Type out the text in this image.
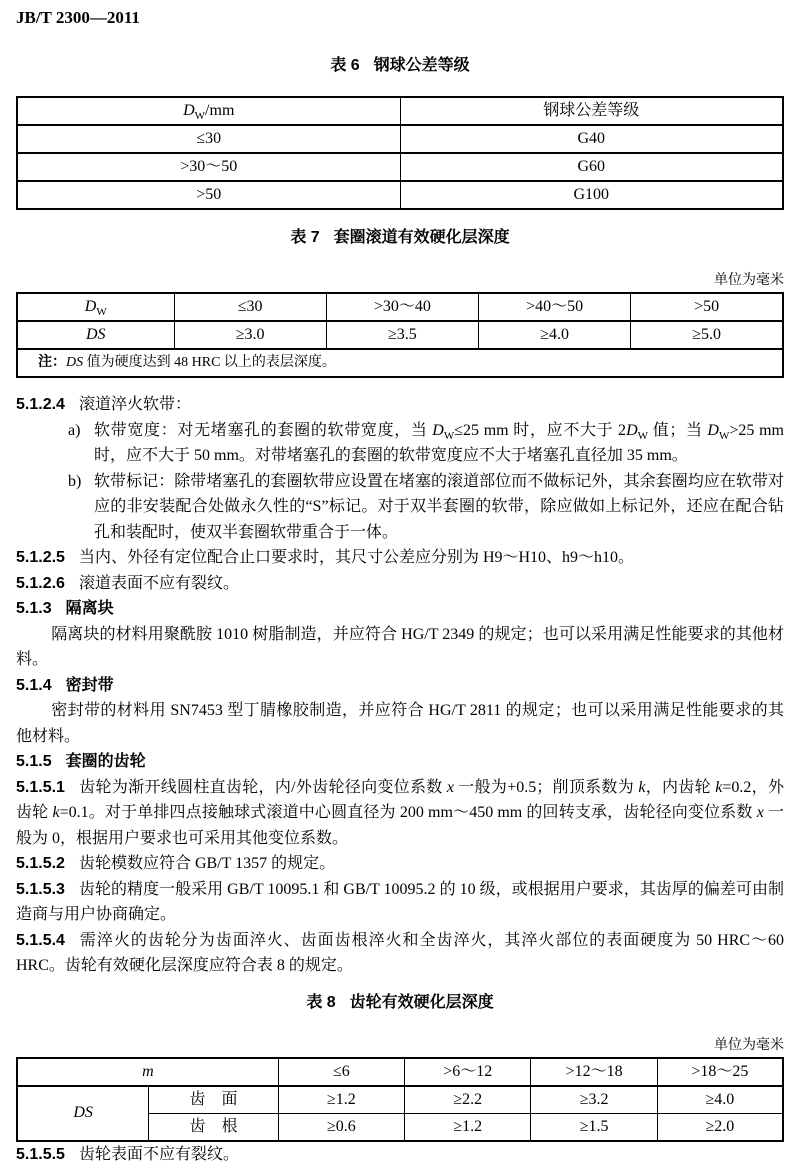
JB/T 2300—2011
表 6 钢球公差等级
$D_W/mm$	钢球公差等级
≤30	G40
>30～50	G60
>50	G100
表 7 套圈滚道有效硬化层深度
单位为毫米
$D_W$	≤30	>30～40	>40～50	>50
DS	≥3.0	≥3.5	≥4.0	≥5.0
注：DS 值为硬度达到 48 HRC 以上的表层深度。				

5.1.2.4 滚道淬火软带：

a) 软带宽度：对无堵塞孔的套圈的软带宽度，当 $D_W\le 25$ mm 时，应不大于 $2D_W$ 值；当 $D_W>25$ mm 时，应不大于 50 mm。对带堵塞孔的套圈的软带宽度应不大于堵塞孔直径加 35 mm。
b) 软带标记：除带堵塞孔的套圈软带应设置在堵塞的滚道部位而不做标记外，其余套圈均应在软带对应的非安装配合处做永久性的“S”标记。对于双半套圈的软带，除应做如上标记外，还应在配合钻孔和装配时，使双半套圈软带重合于一体。

5.1.2.5 当内、外径有定位配合止口要求时，其尺寸公差应分别为 H9～H10、h9～h10。

5.1.2.6 滚道表面不应有裂纹。

5.1.3 隔离块

隔离块的材料用聚酰胺 1010 树脂制造，并应符合 HG/T 2349 的规定；也可以采用满足性能要求的其他材料。

5.1.4 密封带

密封带的材料用 SN7453 型丁腈橡胶制造，并应符合 HG/T 2811 的规定；也可以采用满足性能要求的其他材料。

5.1.5 套圈的齿轮

5.1.5.1 齿轮为渐开线圆柱直齿轮，内/外齿轮径向变位系数 x 一般为+0.5；削顶系数为 k，内齿轮 k=0.2，外齿轮 k=0.1。对于单排四点接触球式滚道中心圆直径为 200 mm～450 mm 的回转支承，齿轮径向变位系数 x 一般为 0，根据用户要求也可采用其他变位系数。

5.1.5.2 齿轮模数应符合 GB/T 1357 的规定。

5.1.5.3 齿轮的精度一般采用 GB/T 10095.1 和 GB/T 10095.2 的 10 级，或根据用户要求，其齿厚的偏差可由制造商与用户协商确定。

5.1.5.4 需淬火的齿轮分为齿面淬火、齿面齿根淬火和全齿淬火，其淬火部位的表面硬度为 50 HRC～60 HRC。齿轮有效硬化层深度应符合表 8 的规定。

表 8 齿轮有效硬化层深度
单位为毫米
m		≤6	>6～12	>12～18	>18～25
DS	齿　面	≥1.2	≥2.2	≥3.2	≥4.0
	齿　根	≥0.6	≥1.2	≥1.5	≥2.0

5.1.5.5 齿轮表面不应有裂纹。
